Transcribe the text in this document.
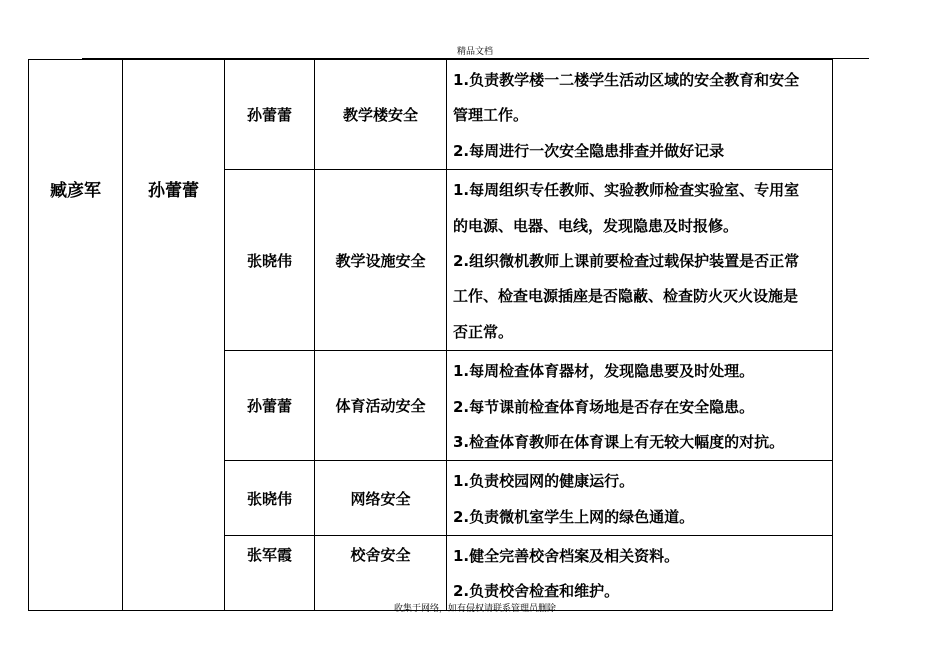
精品文档
臧彦军	孙蕾蕾	孙蕾蕾	教学楼安全	1.负责教学楼一二楼学生活动区域的安全教育和安全
管理工作。
2.每周进行一次安全隐患排查并做好记录

		张晓伟	教学设施安全	1.每周组织专任教师、实验教师检查实验室、专用室
的电源、电器、电线，发现隐患及时报修。
2.组织微机教师上课前要检查过载保护装置是否正常
工作、检查电源插座是否隐蔽、检查防火灭火设施是
否正常。

		孙蕾蕾	体育活动安全	1.每周检查体育器材，发现隐患要及时处理。
2.每节课前检查体育场地是否存在安全隐患。
3.检查体育教师在体育课上有无较大幅度的对抗。

		张晓伟	网络安全	1.负责校园网的健康运行。
2.负责微机室学生上网的绿色通道。

		张军霞	校舍安全	1.健全完善校舍档案及相关资料。
2.负责校舍检查和维护。
收集于网络，如有侵权请联系管理员删除
